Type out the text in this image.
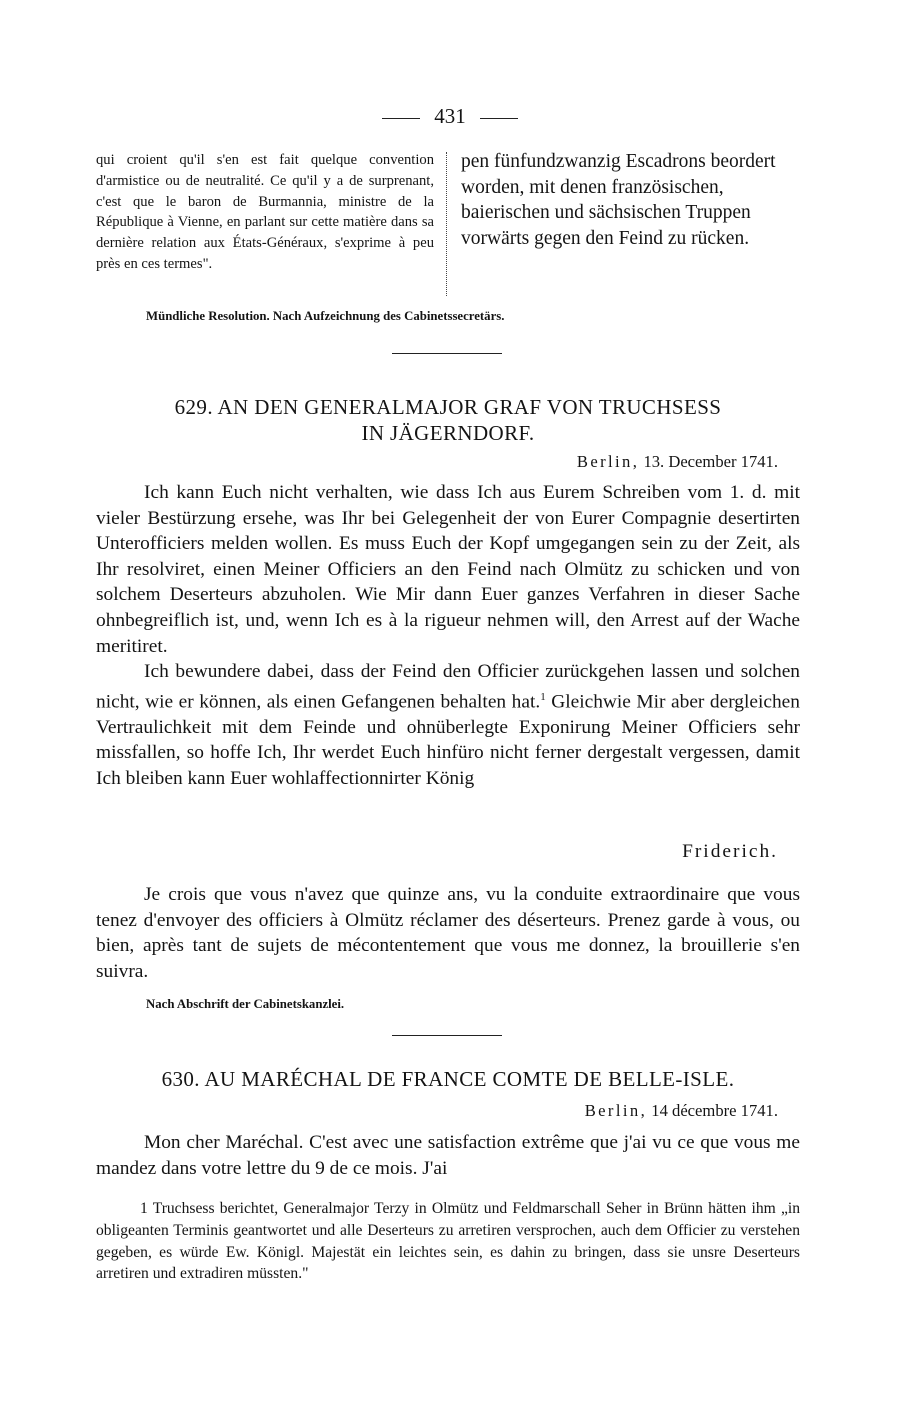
431
qui croient qu'il s'en est fait quelque convention d'armistice ou de neutralité. Ce qu'il y a de surprenant, c'est que le baron de Burmannia, ministre de la République à Vienne, en parlant sur cette matière dans sa dernière relation aux États-Généraux, s'exprime à peu près en ces termes".
pen fünfundzwanzig Escadrons beordert worden, mit denen französischen, baierischen und sächsischen Truppen vorwärts gegen den Feind zu rücken.
Mündliche Resolution. Nach Aufzeichnung des Cabinetssecretärs.
629. AN DEN GENERALMAJOR GRAF VON TRUCHSESS
IN JÄGERNDORF.
Berlin, 13. December 1741.

Ich kann Euch nicht verhalten, wie dass Ich aus Eurem Schreiben vom 1. d. mit vieler Bestürzung ersehe, was Ihr bei Gelegenheit der von Eurer Compagnie desertirten Unterofficiers melden wollen. Es muss Euch der Kopf umgegangen sein zu der Zeit, als Ihr resolviret, einen Meiner Officiers an den Feind nach Olmütz zu schicken und von solchem Deserteurs abzuholen. Wie Mir dann Euer ganzes Verfahren in dieser Sache ohnbegreiflich ist, und, wenn Ich es à la rigueur nehmen will, den Arrest auf der Wache meritiret.

Ich bewundere dabei, dass der Feind den Officier zurückgehen lassen und solchen nicht, wie er können, als einen Gefangenen behalten hat.$^1$ Gleichwie Mir aber dergleichen Vertraulichkeit mit dem Feinde und ohnüberlegte Exponirung Meiner Officiers sehr missfallen, so hoffe Ich, Ihr werdet Euch hinfüro nicht ferner dergestalt vergessen, damit Ich bleiben kann Euer wohlaffectionnirter König

Friderich.

Je crois que vous n'avez que quinze ans, vu la conduite extraordinaire que vous tenez d'envoyer des officiers à Olmütz réclamer des déserteurs. Prenez garde à vous, ou bien, après tant de sujets de mécontentement que vous me donnez, la brouillerie s'en suivra.

Nach Abschrift der Cabinetskanzlei.
630. AU MARÉCHAL DE FRANCE COMTE DE BELLE-ISLE.
Berlin, 14 décembre 1741.

Mon cher Maréchal. C'est avec une satisfaction extrême que j'ai vu ce que vous me mandez dans votre lettre du 9 de ce mois. J'ai

1 Truchsess berichtet, Generalmajor Terzy in Olmütz und Feldmarschall Seher in Brünn hätten ihm „in obligeanten Terminis geantwortet und alle Deserteurs zu arretiren versprochen, auch dem Officier zu verstehen gegeben, es würde Ew. Königl. Majestät ein leichtes sein, es dahin zu bringen, dass sie unsre Deserteurs arretiren und extradiren müssten."
